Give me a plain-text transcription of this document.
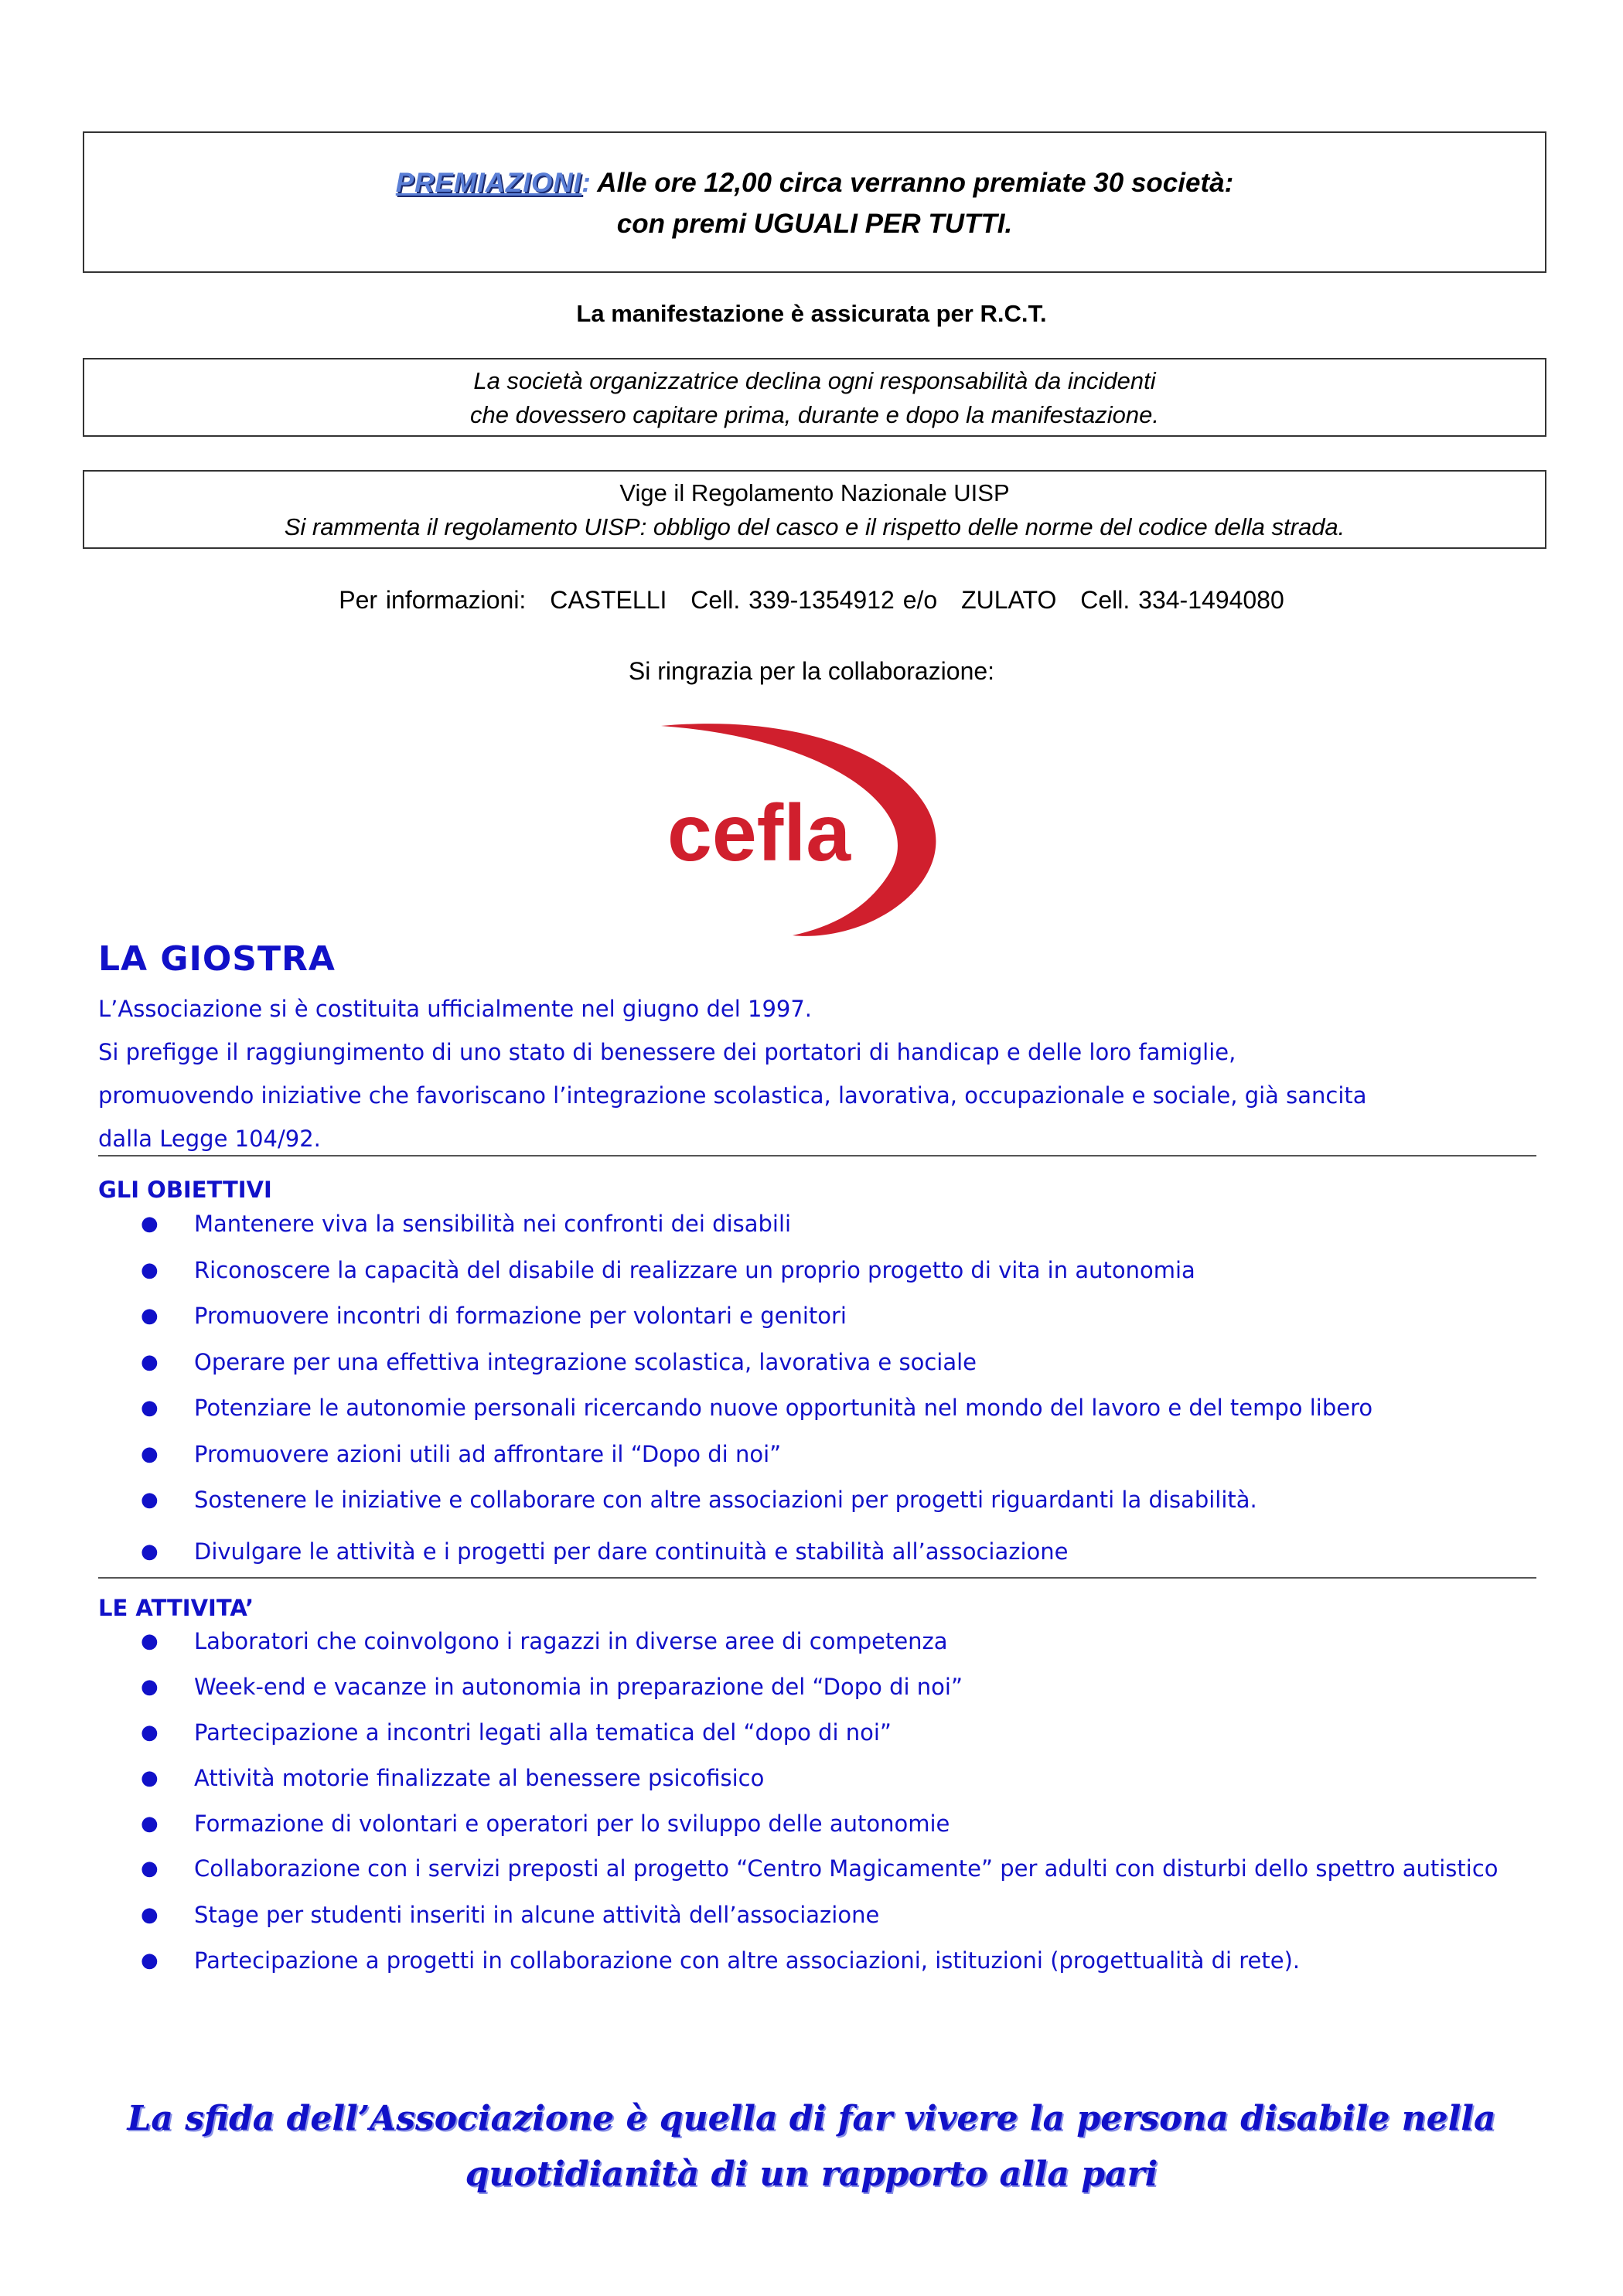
PREMIAZIONI: Alle ore 12,00 circa verranno premiate 30 società:
con premi UGUALI PER TUTTI.
La manifestazione è assicurata per R.C.T.
La società organizzatrice declina ogni responsabilità da incidenti
che dovessero capitare prima, durante e dopo la manifestazione.
Vige il Regolamento Nazionale UISP
Si rammenta il regolamento UISP: obbligo del casco e il rispetto delle norme del codice della strada.
Per informazioni: CASTELLI Cell. 339-1354912 e/o ZULATO Cell. 334-1494080
Si ringrazia per la collaborazione:
cefla
LA GIOSTRA
L’Associazione si è costituita ufficialmente nel giugno del 1997.
Si prefigge il raggiungimento di uno stato di benessere dei portatori di handicap e delle loro famiglie,
promuovendo iniziative che favoriscano l’integrazione scolastica, lavorativa, occupazionale e sociale, già sancita
dalla Legge 104/92.
GLI OBIETTIVI
● Mantenere viva la sensibilità nei confronti dei disabili
● Riconoscere la capacità del disabile di realizzare un proprio progetto di vita in autonomia
● Promuovere incontri di formazione per volontari e genitori
● Operare per una effettiva integrazione scolastica, lavorativa e sociale
● Potenziare le autonomie personali ricercando nuove opportunità nel mondo del lavoro e del tempo libero
● Promuovere azioni utili ad affrontare il “Dopo di noi”
● Sostenere le iniziative e collaborare con altre associazioni per progetti riguardanti la disabilità.
● Divulgare le attività e i progetti per dare continuità e stabilità all’associazione
LE ATTIVITA’
● Laboratori che coinvolgono i ragazzi in diverse aree di competenza
● Week-end e vacanze in autonomia in preparazione del “Dopo di noi”
● Partecipazione a incontri legati alla tematica del “dopo di noi”
● Attività motorie finalizzate al benessere psicofisico
● Formazione di volontari e operatori per lo sviluppo delle autonomie
● Collaborazione con i servizi preposti al progetto “Centro Magicamente” per adulti con disturbi dello spettro autistico
● Stage per studenti inseriti in alcune attività dell’associazione
● Partecipazione a progetti in collaborazione con altre associazioni, istituzioni (progettualità di rete).
La sfida dell’Associazione è quella di far vivere la persona disabile nella
quotidianità di un rapporto alla pari
